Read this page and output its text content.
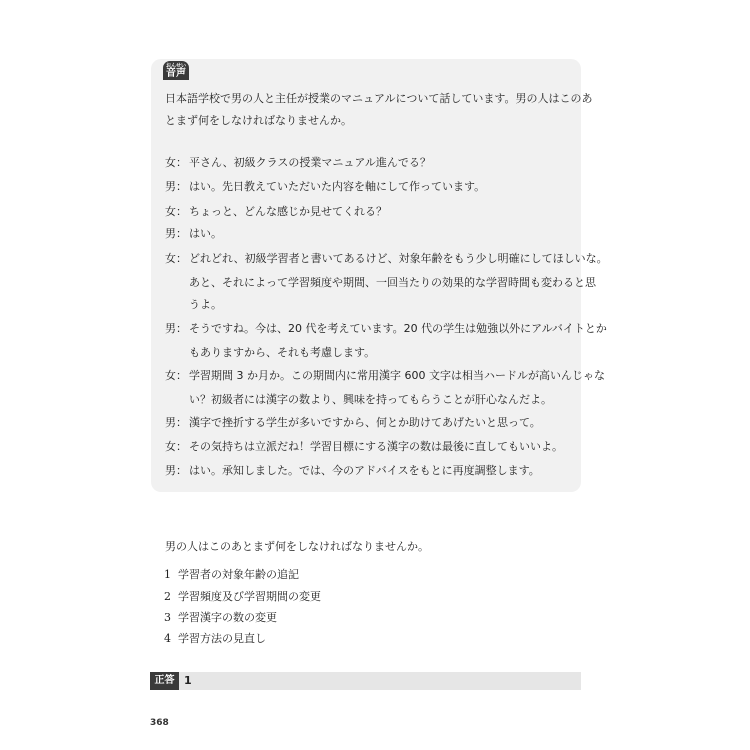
音声おんせい
日本語学校で男の人と主任が授業のマニュアルについて話しています。男の人はこのあ
とまず何をしなければなりませんか。
女： 平さん、初級クラスの授業マニュアル進んでる？
男： はい。先日教えていただいた内容を軸にして作っています。
女： ちょっと、どんな感じか見せてくれる？
男： はい。
女： どれどれ、初級学習者と書いてあるけど、対象年齢をもう少し明確にしてほしいな。
あと、それによって学習頻度や期間、一回当たりの効果的な学習時間も変わると思
うよ。
男： そうですね。今は、20 代を考えています。20 代の学生は勉強以外にアルバイトとか
もありますから、それも考慮します。
女： 学習期間 3 か月か。この期間内に常用漢字 600 文字は相当ハードルが高いんじゃな
い？初級者には漢字の数より、興味を持ってもらうことが肝心なんだよ。
男： 漢字で挫折する学生が多いですから、何とか助けてあげたいと思って。
女： その気持ちは立派だね！学習目標にする漢字の数は最後に直してもいいよ。
男： はい。承知しました。では、今のアドバイスをもとに再度調整します。
男の人はこのあとまず何をしなければなりませんか。
1 学習者の対象年齢の追記
2 学習頻度及び学習期間の変更
3 学習漢字の数の変更
4 学習方法の見直し
正答 1
368
